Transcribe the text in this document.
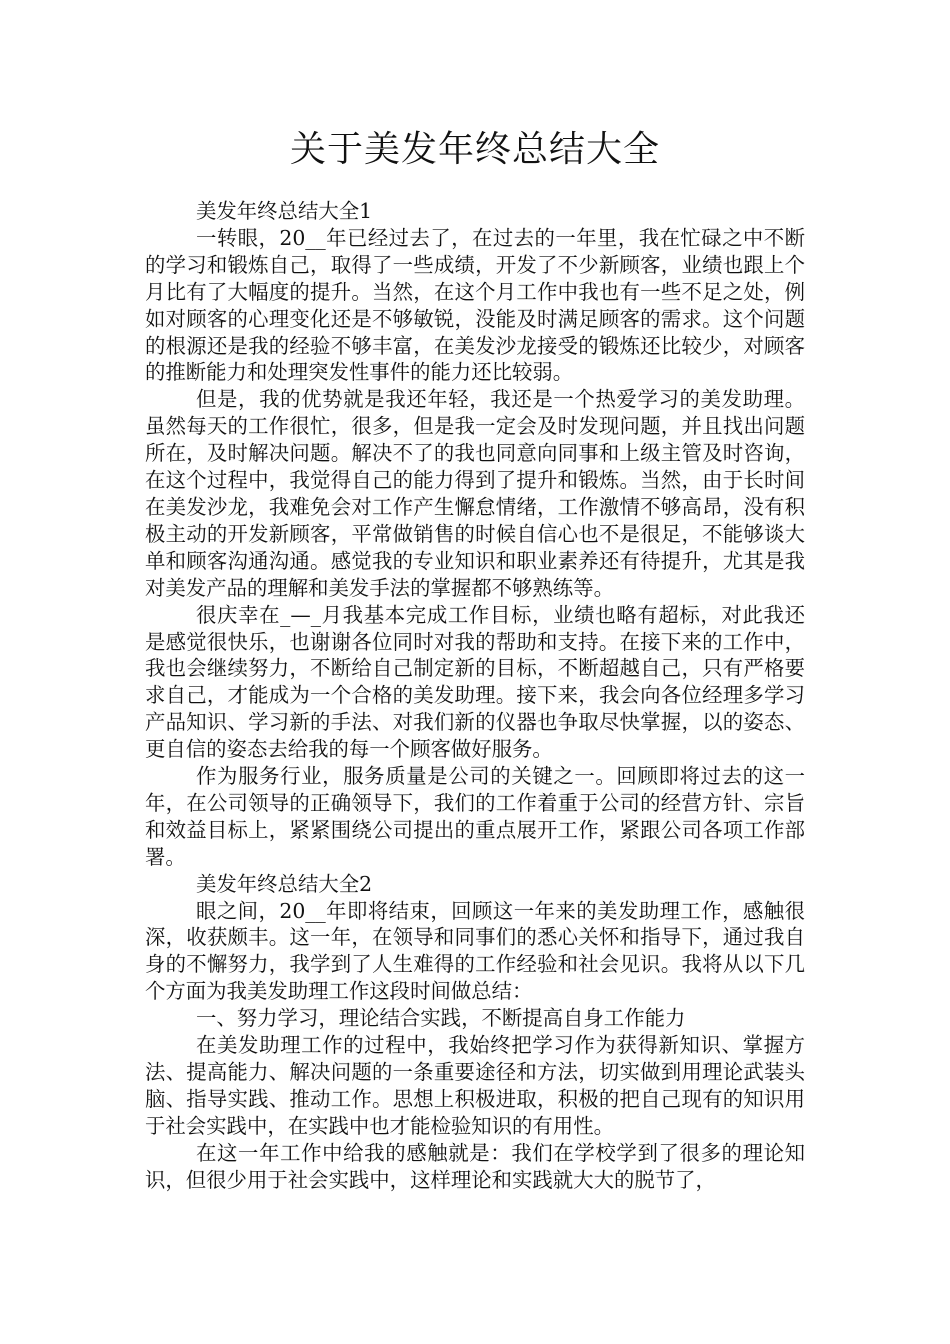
关于美发年终总结大全

美发年终总结大全1

一转眼，20__年已经过去了，在过去的一年里，我在忙碌之中不断的学习和锻炼自己，取得了一些成绩，开发了不少新顾客，业绩也跟上个月比有了大幅度的提升。当然，在这个月工作中我也有一些不足之处，例如对顾客的心理变化还是不够敏锐，没能及时满足顾客的需求。这个问题的根源还是我的经验不够丰富，在美发沙龙接受的锻炼还比较少，对顾客的推断能力和处理突发性事件的能力还比较弱。

但是，我的优势就是我还年轻，我还是一个热爱学习的美发助理。虽然每天的工作很忙，很多，但是我一定会及时发现问题，并且找出问题所在，及时解决问题。解决不了的我也同意向同事和上级主管及时咨询，在这个过程中，我觉得自己的能力得到了提升和锻炼。当然，由于长时间在美发沙龙，我难免会对工作产生懈怠情绪，工作激情不够高昂，没有积极主动的开发新顾客，平常做销售的时候自信心也不是很足，不能够谈大单和顾客沟通沟通。感觉我的专业知识和职业素养还有待提升，尤其是我对美发产品的理解和美发手法的掌握都不够熟练等。

很庆幸在_—_月我基本完成工作目标，业绩也略有超标，对此我还是感觉很快乐，也谢谢各位同时对我的帮助和支持。在接下来的工作中，我也会继续努力，不断给自己制定新的目标，不断超越自己，只有严格要求自己，才能成为一个合格的美发助理。接下来，我会向各位经理多学习产品知识、学习新的手法、对我们新的仪器也争取尽快掌握，以的姿态、更自信的姿态去给我的每一个顾客做好服务。

作为服务行业，服务质量是公司的关键之一。回顾即将过去的这一年，在公司领导的正确领导下，我们的工作着重于公司的经营方针、宗旨和效益目标上，紧紧围绕公司提出的重点展开工作，紧跟公司各项工作部署。

美发年终总结大全2

眼之间，20__年即将结束，回顾这一年来的美发助理工作，感触很深，收获颇丰。这一年，在领导和同事们的悉心关怀和指导下，通过我自身的不懈努力，我学到了人生难得的工作经验和社会见识。我将从以下几个方面为我美发助理工作这段时间做总结：

一、努力学习，理论结合实践，不断提高自身工作能力

在美发助理工作的过程中，我始终把学习作为获得新知识、掌握方法、提高能力、解决问题的一条重要途径和方法，切实做到用理论武装头脑、指导实践、推动工作。思想上积极进取，积极的把自己现有的知识用于社会实践中，在实践中也才能检验知识的有用性。

在这一年工作中给我的感触就是：我们在学校学到了很多的理论知识，但很少用于社会实践中，这样理论和实践就大大的脱节了，
